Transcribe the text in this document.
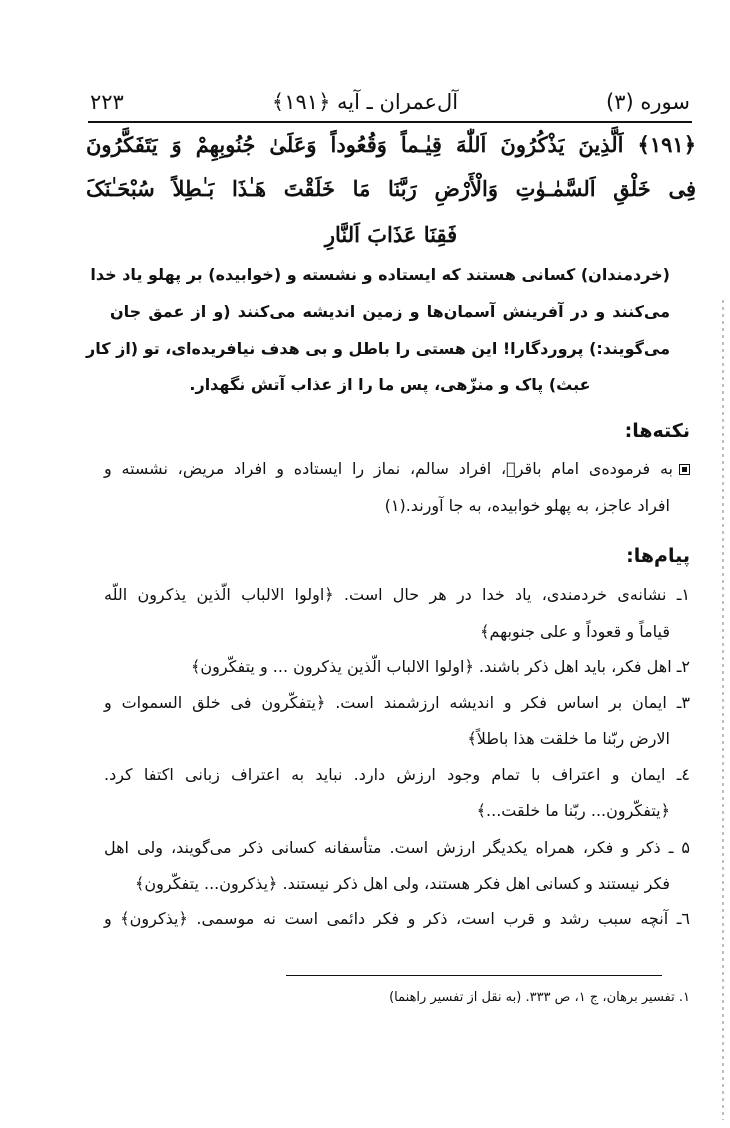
سوره (۳)
آل‌عمران ـ آیه ﴿۱۹۱﴾
۲۲۳
﴿۱۹۱﴾ اَلَّذِینَ یَذْکُرُونَ اَللّٰهَ قِیٰـماً وَقُعُوداً وَعَلَیٰ جُنُوبِهِمْ وَ یَتَفَکَّرُونَ
فِی خَلْقِ اَلسَّمٰـوٰتِ وَالْأَرْضِ رَبَّنَا مَا خَلَقْتَ هَـٰذَا بَـٰطِلاً سُبْحَـٰنَکَ
فَقِنَا عَذَابَ اَلنَّارِ
(خردمندان) کسانی هستند که ایستاده و نشسته و (خوابیده) بر پهلو یاد خدا
می‌کنند و در آفرینش آسمان‌ها و زمین اندیشه می‌کنند (و از عمق جان
می‌گویند:) پروردگارا! این هستی را باطل و بی هدف نیافریده‌ای، تو (از کار
عبث) پاک و منزّهی، پس ما را از عذاب آتش نگهدار.
نکته‌ها:
به فرموده‌ی امام باقرؑ، افراد سالم، نماز را ایستاده و افراد مریض، نشسته و
افراد عاجز، به پهلو خوابیده، به جا آورند.(۱)
پیام‌ها:
۱ـ نشانه‌ی خردمندی، یاد خدا در هر حال است. ﴿اولوا الالباب الّذین یذکرون اللّه
قیاماً و قعوداً و علی جنوبهم﴾
۲ـ اهل فکر، باید اهل ذکر باشند. ﴿اولوا الالباب الّذین یذکرون ... و یتفکّرون﴾
۳ـ ایمان بر اساس فکر و اندیشه ارزشمند است. ﴿یتفکّرون فی خلق السموات و
الارض ربّنا ما خلقت هذا باطلاً﴾
٤ـ ایمان و اعتراف با تمام وجود ارزش دارد. نباید به اعتراف زبانی اکتفا کرد.
﴿یتفکّرون... ربّنا ما خلقت...﴾
۵ ـ ذکر و فکر، همراه یکدیگر ارزش است. متأسفانه کسانی ذکر می‌گویند، ولی اهل
فکر نیستند و کسانی اهل فکر هستند، ولی اهل ذکر نیستند. ﴿یذکرون... یتفکّرون﴾
٦ـ آنچه سبب رشد و قرب است، ذکر و فکر دائمی است نه موسمی. ﴿یذکرون﴾ و
۱. تفسیر برهان، ج ۱، ص ۳۳۳. (به نقل از تفسیر راهنما)
